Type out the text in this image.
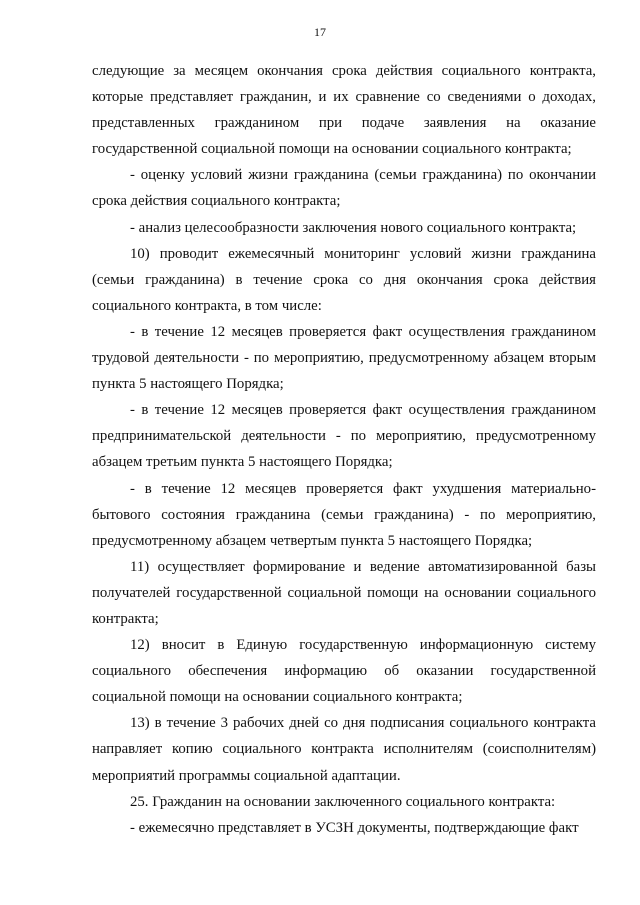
17

следующие за месяцем окончания срока действия социального контракта, которые представляет гражданин, и их сравнение со сведениями о доходах, представленных гражданином при подаче заявления на оказание государственной социальной помощи на основании социального контракта;

- оценку условий жизни гражданина (семьи гражданина) по окончании срока действия социального контракта;

- анализ целесообразности заключения нового социального контракта;

10) проводит ежемесячный мониторинг условий жизни гражданина (семьи гражданина) в течение срока со дня окончания срока действия социального контракта, в том числе:

- в течение 12 месяцев проверяется факт осуществления гражданином трудовой деятельности - по мероприятию, предусмотренному абзацем вторым пункта 5 настоящего Порядка;

- в течение 12 месяцев проверяется факт осуществления гражданином предпринимательской деятельности - по мероприятию, предусмотренному абзацем третьим пункта 5 настоящего Порядка;

- в течение 12 месяцев проверяется факт ухудшения материально-бытового состояния гражданина (семьи гражданина) - по мероприятию, предусмотренному абзацем четвертым пункта 5 настоящего Порядка;

11) осуществляет формирование и ведение автоматизированной базы получателей государственной социальной помощи на основании социального контракта;

12) вносит в Единую государственную информационную систему социального обеспечения информацию об оказании государственной социальной помощи на основании социального контракта;

13) в течение 3 рабочих дней со дня подписания социального контракта направляет копию социального контракта исполнителям (соисполнителям) мероприятий программы социальной адаптации.

25. Гражданин на основании заключенного социального контракта:

- ежемесячно представляет в УСЗН документы, подтверждающие факт
